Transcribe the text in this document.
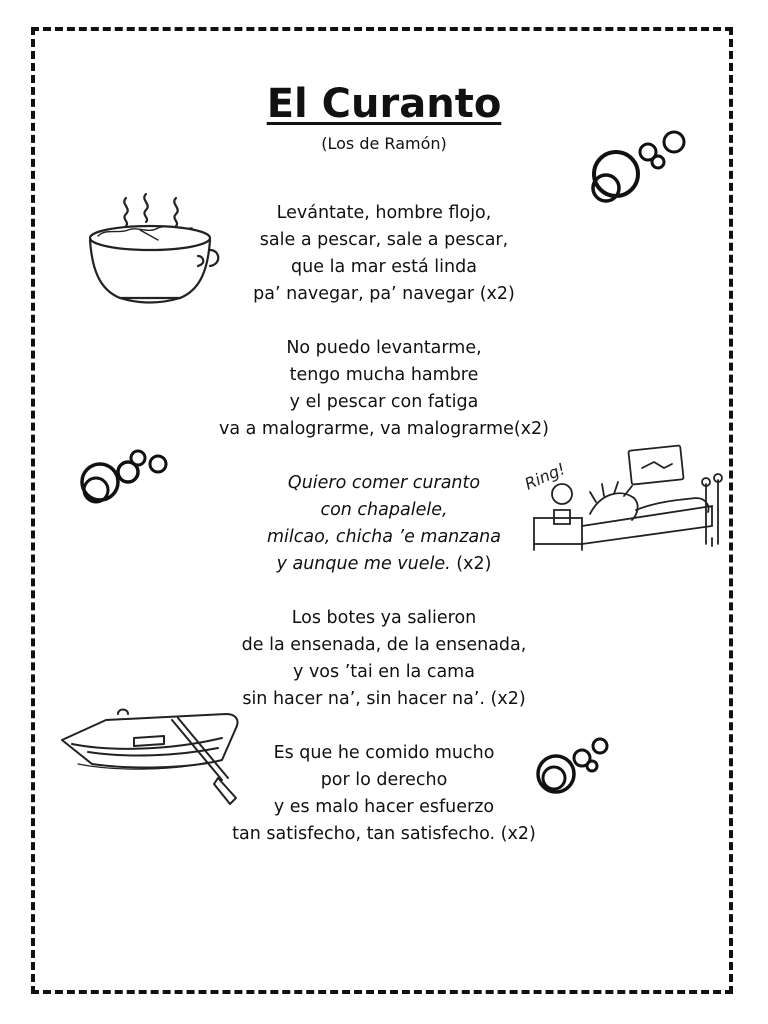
El Curanto

(Los de Ramón)

Levántate, hombre flojo,
sale a pescar, sale a pescar,
que la mar está linda
pa’ navegar, pa’ navegar (x2)
No puedo levantarme,
tengo mucha hambre
y el pescar con fatiga
va a malograrme, va malograrme(x2)
Quiero comer curanto
con chapalele,
milcao, chicha ’e manzana
y aunque me vuele. (x2)
Los botes ya salieron
de la ensenada, de la ensenada,
y vos ’tai en la cama
sin hacer na’, sin hacer na’. (x2)
Es que he comido mucho
por lo derecho
y es malo hacer esfuerzo
tan satisfecho, tan satisfecho. (x2)
Ring!
